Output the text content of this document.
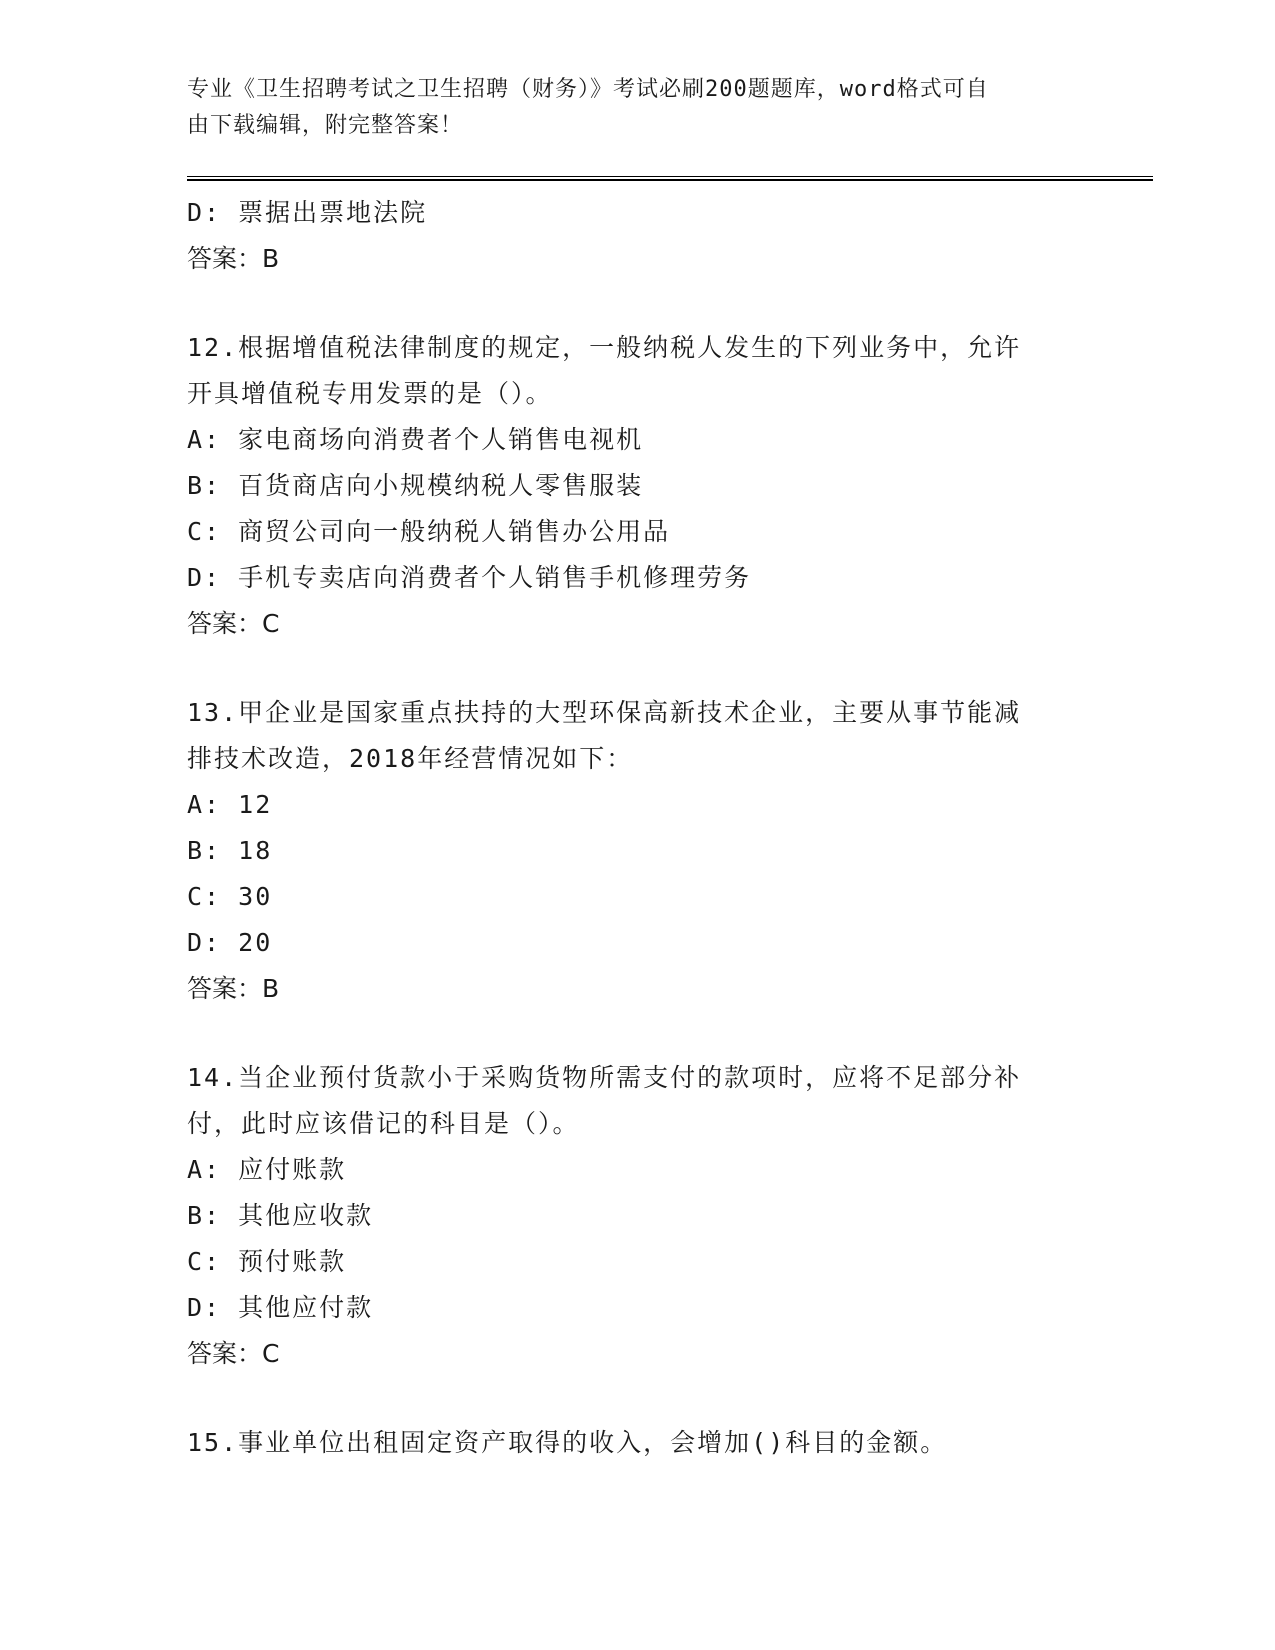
专业《卫生招聘考试之卫生招聘（财务）》考试必刷200题题库，word格式可自
由下载编辑，附完整答案！
D: 票据出票地法院
答案：B
12.根据增值税法律制度的规定，一般纳税人发生的下列业务中，允许
开具增值税专用发票的是（）。
A: 家电商场向消费者个人销售电视机
B: 百货商店向小规模纳税人零售服装
C: 商贸公司向一般纳税人销售办公用品
D: 手机专卖店向消费者个人销售手机修理劳务
答案：C
13.甲企业是国家重点扶持的大型环保高新技术企业，主要从事节能减
排技术改造，2018年经营情况如下：
A: 12
B: 18
C: 30
D: 20
答案：B
14.当企业预付货款小于采购货物所需支付的款项时，应将不足部分补
付，此时应该借记的科目是（）。
A: 应付账款
B: 其他应收款
C: 预付账款
D: 其他应付款
答案：C
15.事业单位出租固定资产取得的收入，会增加()科目的金额。
